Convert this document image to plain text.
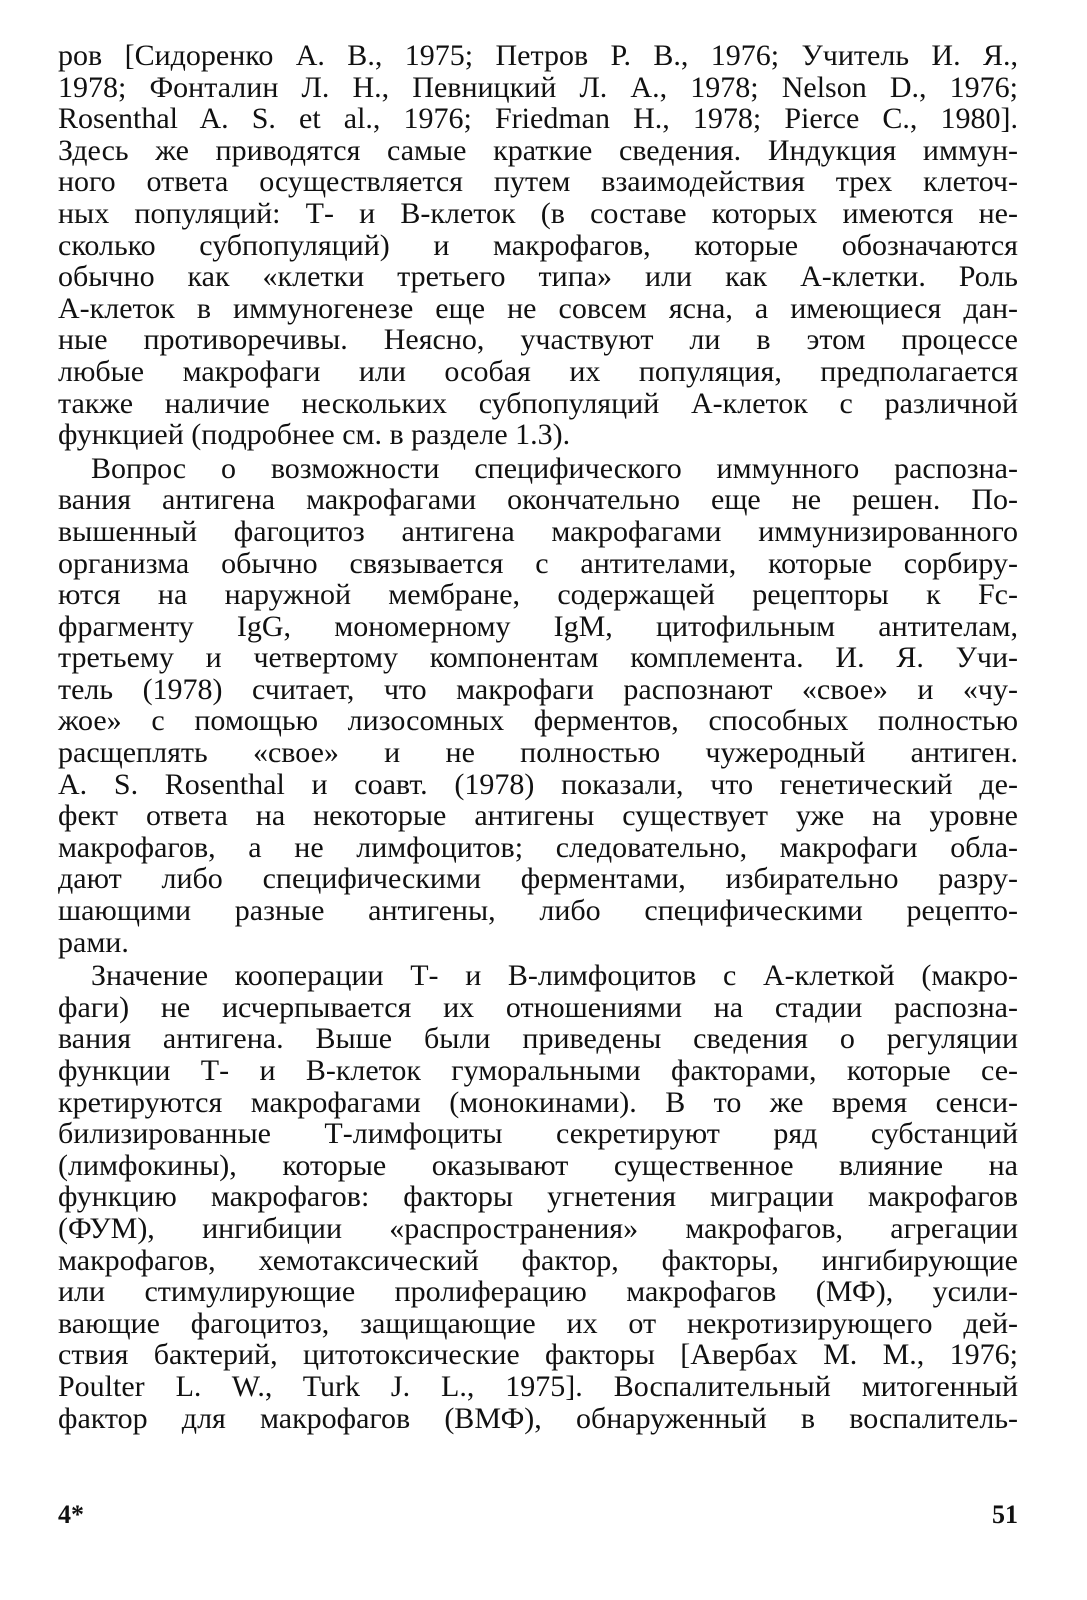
ров [Сидоренко А. В., 1975; Петров Р. В., 1976; Учитель И. Я.,
1978; Фонталин Л. Н., Певницкий Л. А., 1978; Nelson D., 1976;
Rosenthal A. S. et al., 1976; Friedman H., 1978; Pierce C., 1980].
Здесь же приводятся самые краткие сведения. Индукция иммун-
ного ответа осуществляется путем взаимодействия трех клеточ-
ных популяций: Т- и В-клеток (в составе которых имеются не-
сколько субпопуляций) и макрофагов, которые обозначаются
обычно как «клетки третьего типа» или как А-клетки. Роль
А-клеток в иммуногенезе еще не совсем ясна, а имеющиеся дан-
ные противоречивы. Неясно, участвуют ли в этом процессе
любые макрофаги или особая их популяция, предполагается
также наличие нескольких субпопуляций А-клеток с различной
функцией (подробнее см. в разделе 1.3).
Вопрос о возможности специфического иммунного распозна-
вания антигена макрофагами окончательно еще не решен. По-
вышенный фагоцитоз антигена макрофагами иммунизированного
организма обычно связывается с антителами, которые сорбиру-
ются на наружной мембране, содержащей рецепторы к Fc-
фрагменту IgG, мономерному IgM, цитофильным антителам,
третьему и четвертому компонентам комплемента. И. Я. Учи-
тель (1978) считает, что макрофаги распознают «свое» и «чу-
жое» с помощью лизосомных ферментов, способных полностью
расщеплять «свое» и не полностью чужеродный антиген.
A. S. Rosenthal и соавт. (1978) показали, что генетический де-
фект ответа на некоторые антигены существует уже на уровне
макрофагов, а не лимфоцитов; следовательно, макрофаги обла-
дают либо специфическими ферментами, избирательно разру-
шающими разные антигены, либо специфическими рецепто-
рами.
Значение кооперации Т- и В-лимфоцитов с А-клеткой (макро-
фаги) не исчерпывается их отношениями на стадии распозна-
вания антигена. Выше были приведены сведения о регуляции
функции Т- и В-клеток гуморальными факторами, которые се-
кретируются макрофагами (монокинами). В то же время сенси-
билизированные Т-лимфоциты секретируют ряд субстанций
(лимфокины), которые оказывают существенное влияние на
функцию макрофагов: факторы угнетения миграции макрофагов
(ФУМ), ингибиции «распространения» макрофагов, агрегации
макрофагов, хемотаксический фактор, факторы, ингибирующие
или стимулирующие пролиферацию макрофагов (МФ), усили-
вающие фагоцитоз, защищающие их от некротизирующего дей-
ствия бактерий, цитотоксические факторы [Авербах М. М., 1976;
Poulter L. W., Turk J. L., 1975]. Воспалительный митогенный
фактор для макрофагов (ВМФ), обнаруженный в воспалитель-
4*	51
